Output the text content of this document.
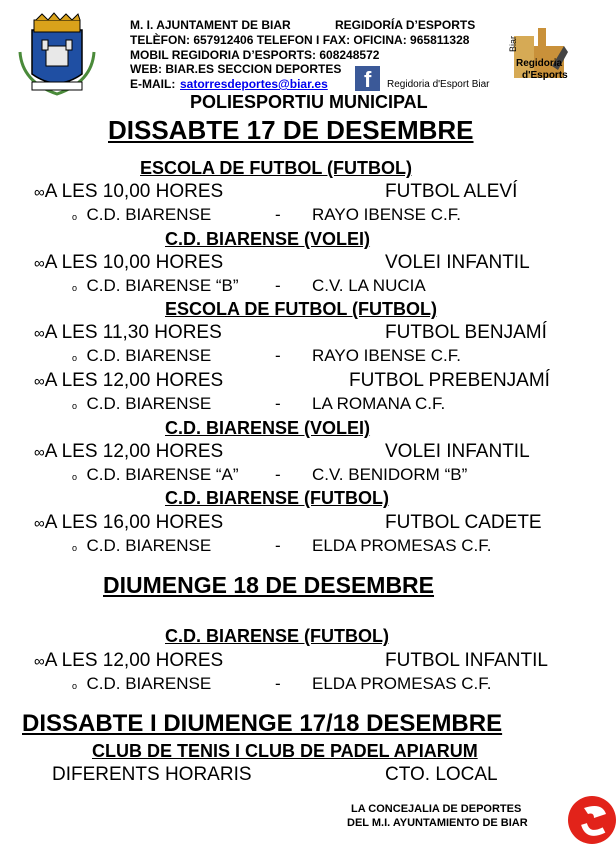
M. I. AJUNTAMENT DE BIAR	REGIDORÍA D’ESPORTS
TELÈFON: 657912406 TELEFON I FAX: OFICINA: 965811328
MOBIL REGIDORIA D’ESPORTS: 608248572
WEB: BIAR.ES SECCION DEPORTES
E-MAIL: satorresdeportes@biar.es f Regidoria d'Esport Biar
Biar
Regidoria
d'Esports
POLIESPORTIU MUNICIPAL
DISSABTE 17 DE DESEMBRE
ESCOLA DE FUTBOL (FUTBOL)
∞A LES 10,00 HORES	FUTBOL ALEVÍ
o C.D. BIARENSE	- RAYO IBENSE C.F.
C.D. BIARENSE (VOLEI)
∞A LES 10,00 HORES	VOLEI INFANTIL
o C.D. BIARENSE “B” - C.V. LA NUCIA
ESCOLA DE FUTBOL (FUTBOL)
∞A LES 11,30 HORES	FUTBOL BENJAMÍ
o C.D. BIARENSE	- RAYO IBENSE C.F.
∞A LES 12,00 HORES	FUTBOL PREBENJAMÍ
o C.D. BIARENSE	- LA ROMANA C.F.
C.D. BIARENSE (VOLEI)
∞A LES 12,00 HORES	VOLEI INFANTIL
o C.D. BIARENSE “A” - C.V. BENIDORM “B”
C.D. BIARENSE (FUTBOL)
∞A LES 16,00 HORES	FUTBOL CADETE
o C.D. BIARENSE	- ELDA PROMESAS C.F.
DIUMENGE 18 DE DESEMBRE
C.D. BIARENSE (FUTBOL)
∞A LES 12,00 HORES	FUTBOL INFANTIL
o C.D. BIARENSE	- ELDA PROMESAS C.F.
DISSABTE I DIUMENGE 17/18 DESEMBRE
CLUB DE TENIS I CLUB DE PADEL APIARUM
DIFERENTS HORARIS	CTO. LOCAL
LA CONCEJALIA DE DEPORTES
DEL M.I. AYUNTAMIENTO DE BIAR
